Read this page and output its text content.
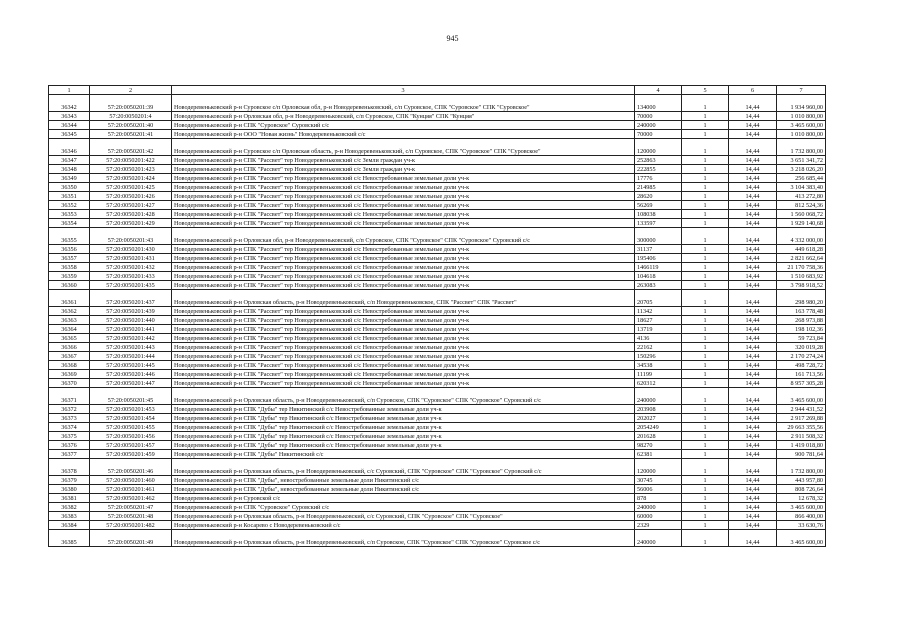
945
1	2	3	4	5	6	7
36342	57:20:0050201:39	Новодеревеньковский р-н Суровское с/п Орловская обл, р-н Новодеревеньковский, с/п Суровское, СПК "Суровское" СПК "Суровское"	134000	1	14,44	1 934 960,00
36343	57:20:0050201:4	Новодеревеньковский р-н Орловская обл, р-н Новодеревеньковский, с/п Суровское, СПК "Кунцяя" СПК "Кунцяя"	70000	1	14,44	1 010 800,00
36344	57:20:0050201:40	Новодеревеньковский р-н СПК "Суровское" Суровский с/с	240000	1	14,44	3 465 600,00
36345	57:20:0050201:41	Новодеревеньковский р-н ООО "Новая жизнь" Новодеревеньковский с/с	70000	1	14,44	1 010 800,00
36346	57:20:0050201:42	Новодеревеньковский р-н Суровское с/п Орловская область, р-н Новодеревеньковский, с/п Суровское, СПК "Суровское" СПК "Суровское"	120000	1	14,44	1 732 800,00
36347	57:20:0050201:422	Новодеревеньковский р-н СПК "Рассвет" тер Новодеревеньковский с/с Земли граждан уч-к	252863	1	14,44	3 651 341,72
36348	57:20:0050201:423	Новодеревеньковский р-н СПК "Рассвет" тер Новодеревеньковский с/с Земли граждан уч-к	222855	1	14,44	3 218 026,20
36349	57:20:0050201:424	Новодеревеньковский р-н СПК "Рассвет" тер Новодеревеньковский с/с Невостребованные земельные доли уч-к	17776	1	14,44	256 685,44
36350	57:20:0050201:425	Новодеревеньковский р-н СПК "Рассвет" тер Новодеревеньковский с/с Невостребованные земельные доли уч-к	214985	1	14,44	3 104 383,40
36351	57:20:0050201:426	Новодеревеньковский р-н СПК "Рассвет" тер Новодеревеньковский с/с Невостребованные земельные доли уч-к	28620	1	14,44	413 272,80
36352	57:20:0050201:427	Новодеревеньковский р-н СПК "Рассвет" тер Новодеревеньковский с/с Невостребованные земельные доли уч-к	56269	1	14,44	812 524,36
36353	57:20:0050201:428	Новодеревеньковский р-н СПК "Рассвет" тер Новодеревеньковский с/с Невостребованные земельные доли уч-к	108038	1	14,44	1 560 068,72
36354	57:20:0050201:429	Новодеревеньковский р-н СПК "Рассвет" тер Новодеревеньковский с/с Невостребованные земельные доли уч-к	133597	1	14,44	1 929 140,68
36355	57:20:0050201:43	Новодеревеньковский р-н Орловская обл, р-н Новодеревеньковский, с/п Суровское, СПК "Суровское" СПК "Суровское" Суровский с/с	300000	1	14,44	4 332 000,00
36356	57:20:0050201:430	Новодеревеньковский р-н СПК "Рассвет" тер Новодеревеньковский с/с Невостребованные земельные доли уч-к	31137	1	14,44	449 618,28
36357	57:20:0050201:431	Новодеревеньковский р-н СПК "Рассвет" тер Новодеревеньковский с/с Невостребованные земельные доли уч-к	195406	1	14,44	2 821 662,64
36358	57:20:0050201:432	Новодеревеньковский р-н СПК "Рассвет" тер Новодеревеньковский с/с Невостребованные земельные доли уч-к	1466119	1	14,44	21 170 758,36
36359	57:20:0050201:433	Новодеревеньковский р-н СПК "Рассвет" тер Новодеревеньковский с/с Невостребованные земельные доли уч-к	104618	1	14,44	1 510 683,92
36360	57:20:0050201:435	Новодеревеньковский р-н СПК "Рассвет" тер Новодеревеньковский с/с Невостребованные земельные доли уч-к	263083	1	14,44	3 798 918,52
36361	57:20:0050201:437	Новодеревеньковский р-н Орловская область, р-н Новодеревеньковский, с/п Новодеревеньковское, СПК "Рассвет" СПК "Рассвет"	20705	1	14,44	298 980,20
36362	57:20:0050201:439	Новодеревеньковский р-н СПК "Рассвет" тер Новодеревеньковский с/с Невостребованные земельные доли уч-к	11342	1	14,44	163 778,48
36363	57:20:0050201:440	Новодеревеньковский р-н СПК "Рассвет" тер Новодеревеньковский с/с Невостребованные земельные доли уч-к	18627	1	14,44	268 973,88
36364	57:20:0050201:441	Новодеревеньковский р-н СПК "Рассвет" тер Новодеревеньковский с/с Невостребованные земельные доли уч-к	13719	1	14,44	198 102,36
36365	57:20:0050201:442	Новодеревеньковский р-н СПК "Рассвет" тер Новодеревеньковский с/с Невостребованные земельные доли уч-к	4136	1	14,44	59 723,84
36366	57:20:0050201:443	Новодеревеньковский р-н СПК "Рассвет" тер Новодеревеньковский с/с Невостребованные земельные доли уч-к	22162	1	14,44	320 019,28
36367	57:20:0050201:444	Новодеревеньковский р-н СПК "Рассвет" тер Новодеревеньковский с/с Невостребованные земельные доли уч-к	150296	1	14,44	2 170 274,24
36368	57:20:0050201:445	Новодеревеньковский р-н СПК "Рассвет" тер Новодеревеньковский с/с Невостребованные земельные доли уч-к	34538	1	14,44	498 728,72
36369	57:20:0050201:446	Новодеревеньковский р-н СПК "Рассвет" тер Новодеревеньковский с/с Невостребованные земельные доли уч-к	11199	1	14,44	161 713,56
36370	57:20:0050201:447	Новодеревеньковский р-н СПК "Рассвет" тер Новодеревеньковский с/с Невостребованные земельные доли уч-к	620312	1	14,44	8 957 305,28
36371	57:20:0050201:45	Новодеревеньковский р-н Орловская область, р-н Новодеревеньковский, с/п Суровское, СПК "Суровское" СПК "Суровское" Суровский с/с	240000	1	14,44	3 465 600,00
36372	57:20:0050201:453	Новодеревеньковский р-н СПК "Дубы" тер Никитинский с/с Невостребованные земельные доли уч-к	203908	1	14,44	2 944 431,52
36373	57:20:0050201:454	Новодеревеньковский р-н СПК "Дубы" тер Никитинский с/с Невостребованные земельные доли уч-к	202027	1	14,44	2 917 269,88
36374	57:20:0050201:455	Новодеревеньковский р-н СПК "Дубы" тер Никитинский с/с Невостребованные земельные доли уч-к	2054249	1	14,44	29 663 355,56
36375	57:20:0050201:456	Новодеревеньковский р-н СПК "Дубы" тер Никитинский с/с Невостребованные земельные доли уч-к	201628	1	14,44	2 911 508,32
36376	57:20:0050201:457	Новодеревеньковский р-н СПК "Дубы" тер Никитинский с/с Невостребованные земельные доли уч-к	98270	1	14,44	1 419 018,80
36377	57:20:0050201:459	Новодеревеньковский р-н СПК "Дубы" Никитинский с/с	62381	1	14,44	900 781,64
36378	57:20:0050201:46	Новодеревеньковский р-н Орловская область, р-н Новодеревеньковский, с/с Суровский, СПК "Суровское" СПК "Суровское" Суровский с/с	120000	1	14,44	1 732 800,00
36379	57:20:0050201:460	Новодеревеньковский р-н СПК "Дубы", невостребованные земельные доли Никитинский с/с	30745	1	14,44	443 957,80
36380	57:20:0050201:461	Новодеревеньковский р-н СПК "Дубы", невостребованные земельные доли Никитинский с/с	56006	1	14,44	808 726,64
36381	57:20:0050201:462	Новодеревеньковский р-н Суровской с/с	878	1	14,44	12 678,32
36382	57:20:0050201:47	Новодеревеньковский р-н СПК "Суровское" Суровский с/с	240000	1	14,44	3 465 600,00
36383	57:20:0050201:48	Новодеревеньковский р-н Орловская область, р-н Новодеревеньковский, с/с Суровский, СПК "Суровское" СПК "Суровское"	60000	1	14,44	866 400,00
36384	57:20:0050201:482	Новодеревеньковский р-н Косарево с Новодеревеньковский с/с	2329	1	14,44	33 630,76
36385	57:20:0050201:49	Новодеревеньковский р-н Орловская область, р-н Новодеревеньковский, с/п Суровское, СПК "Суровское" СПК "Суровское" Суровское с/с	240000	1	14,44	3 465 600,00
